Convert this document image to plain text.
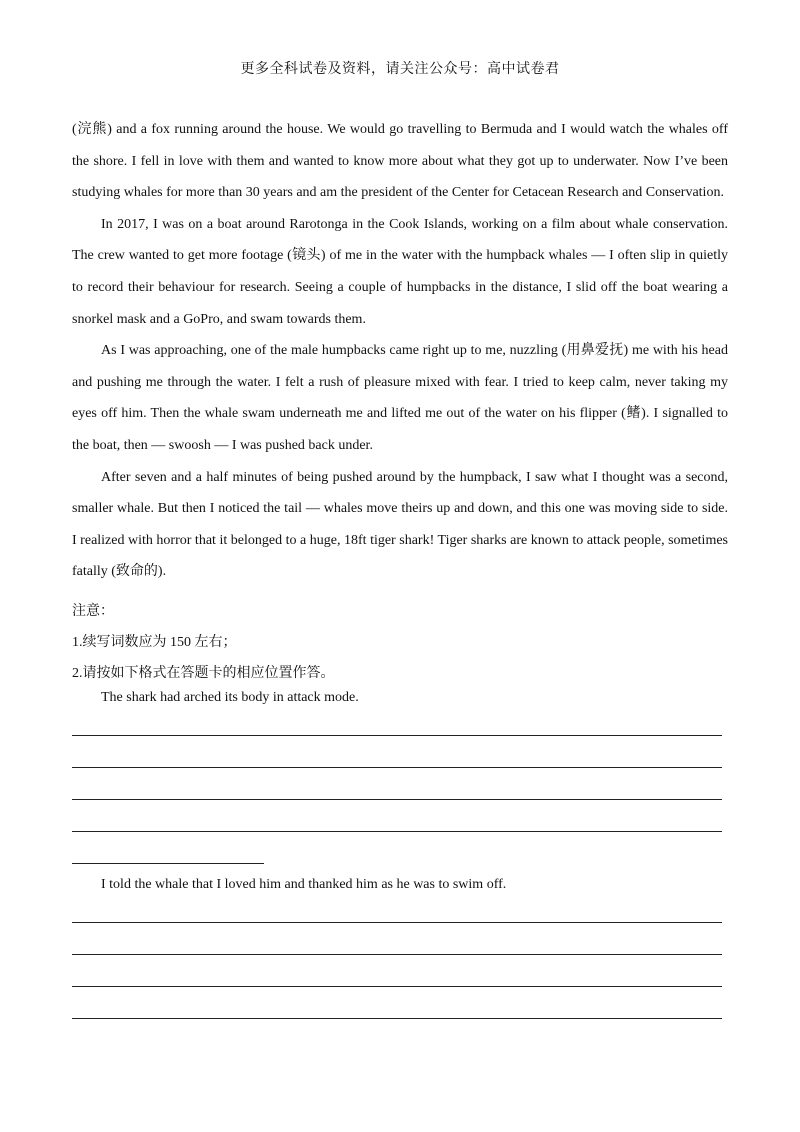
更多全科试卷及资料，请关注公众号：高中试卷君

(浣熊) and a fox running around the house. We would go travelling to Bermuda and I would watch the whales off the shore. I fell in love with them and wanted to know more about what they got up to underwater. Now I’ve been studying whales for more than 30 years and am the president of the Center for Cetacean Research and Conservation.

In 2017, I was on a boat around Rarotonga in the Cook Islands, working on a film about whale conservation. The crew wanted to get more footage (镜头) of me in the water with the humpback whales — I often slip in quietly to record their behaviour for research. Seeing a couple of humpbacks in the distance, I slid off the boat wearing a snorkel mask and a GoPro, and swam towards them.

As I was approaching, one of the male humpbacks came right up to me, nuzzling (用鼻爱抚) me with his head and pushing me through the water. I felt a rush of pleasure mixed with fear. I tried to keep calm, never taking my eyes off him. Then the whale swam underneath me and lifted me out of the water on his flipper (鳍). I signalled to the boat, then — swoosh — I was pushed back under.

After seven and a half minutes of being pushed around by the humpback, I saw what I thought was a second, smaller whale. But then I noticed the tail — whales move theirs up and down, and this one was moving side to side. I realized with horror that it belonged to a huge, 18ft tiger shark! Tiger sharks are known to attack people, sometimes fatally (致命的).

注意：

1.续写词数应为 150 左右；

2.请按如下格式在答题卡的相应位置作答。

The shark had arched its body in attack mode.
I told the whale that I loved him and thanked him as he was to swim off.
